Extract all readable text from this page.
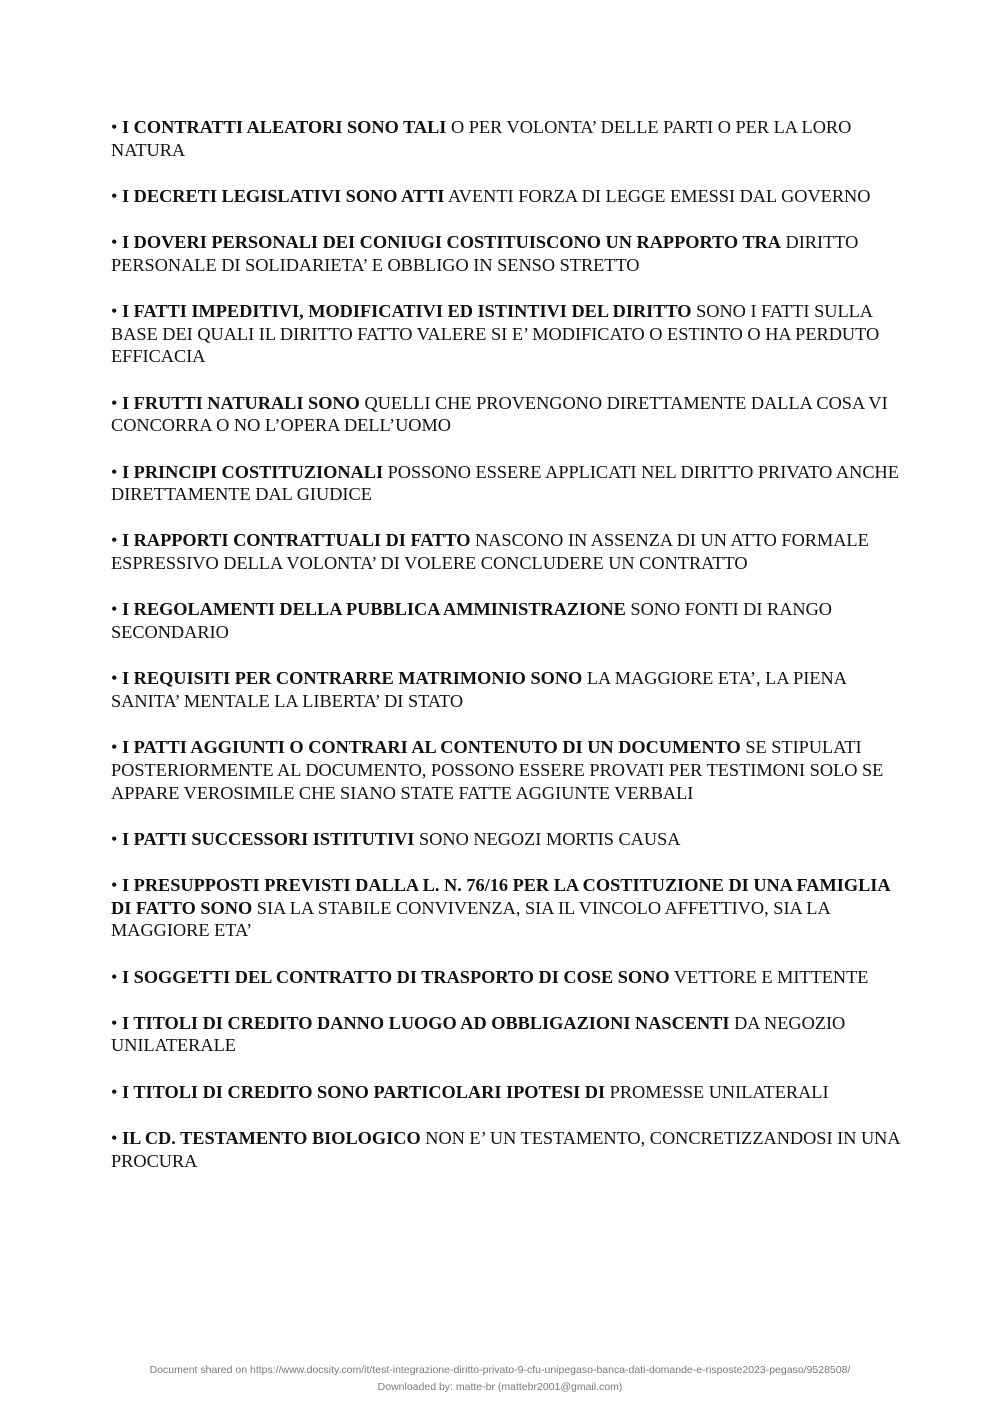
• I CONTRATTI ALEATORI SONO TALI O PER VOLONTA’ DELLE PARTI O PER LA LORO NATURA
• I DECRETI LEGISLATIVI SONO ATTI AVENTI FORZA DI LEGGE EMESSI DAL GOVERNO
• I DOVERI PERSONALI DEI CONIUGI COSTITUISCONO UN RAPPORTO TRA DIRITTO PERSONALE DI SOLIDARIETA’ E OBBLIGO IN SENSO STRETTO
• I FATTI IMPEDITIVI, MODIFICATIVI ED ISTINTIVI DEL DIRITTO SONO I FATTI SULLA BASE DEI QUALI IL DIRITTO FATTO VALERE SI E’ MODIFICATO O ESTINTO O HA PERDUTO EFFICACIA
• I FRUTTI NATURALI SONO QUELLI CHE PROVENGONO DIRETTAMENTE DALLA COSA VI CONCORRA O NO L’OPERA DELL’UOMO
• I PRINCIPI COSTITUZIONALI POSSONO ESSERE APPLICATI NEL DIRITTO PRIVATO ANCHE DIRETTAMENTE DAL GIUDICE
• I RAPPORTI CONTRATTUALI DI FATTO NASCONO IN ASSENZA DI UN ATTO FORMALE ESPRESSIVO DELLA VOLONTA’ DI VOLERE CONCLUDERE UN CONTRATTO
• I REGOLAMENTI DELLA PUBBLICA AMMINISTRAZIONE SONO FONTI DI RANGO SECONDARIO
• I REQUISITI PER CONTRARRE MATRIMONIO SONO LA MAGGIORE ETA’, LA PIENA SANITA’ MENTALE LA LIBERTA’ DI STATO
• I PATTI AGGIUNTI O CONTRARI AL CONTENUTO DI UN DOCUMENTO SE STIPULATI POSTERIORMENTE AL DOCUMENTO, POSSONO ESSERE PROVATI PER TESTIMONI SOLO SE APPARE VEROSIMILE CHE SIANO STATE FATTE AGGIUNTE VERBALI
• I PATTI SUCCESSORI ISTITUTIVI SONO NEGOZI MORTIS CAUSA
• I PRESUPPOSTI PREVISTI DALLA L. N. 76/16 PER LA COSTITUZIONE DI UNA FAMIGLIA DI FATTO SONO SIA LA STABILE CONVIVENZA, SIA IL VINCOLO AFFETTIVO, SIA LA MAGGIORE ETA’
• I SOGGETTI DEL CONTRATTO DI TRASPORTO DI COSE SONO VETTORE E MITTENTE
• I TITOLI DI CREDITO DANNO LUOGO AD OBBLIGAZIONI NASCENTI DA NEGOZIO UNILATERALE
• I TITOLI DI CREDITO SONO PARTICOLARI IPOTESI DI PROMESSE UNILATERALI
• IL CD. TESTAMENTO BIOLOGICO NON E’ UN TESTAMENTO, CONCRETIZZANDOSI IN UNA PROCURA
Document shared on https://www.docsity.com/it/test-integrazione-diritto-privato-9-cfu-unipegaso-banca-dati-domande-e-risposte2023-pegaso/9528508/
Downloaded by: matte-br (mattebr2001@gmail.com)
